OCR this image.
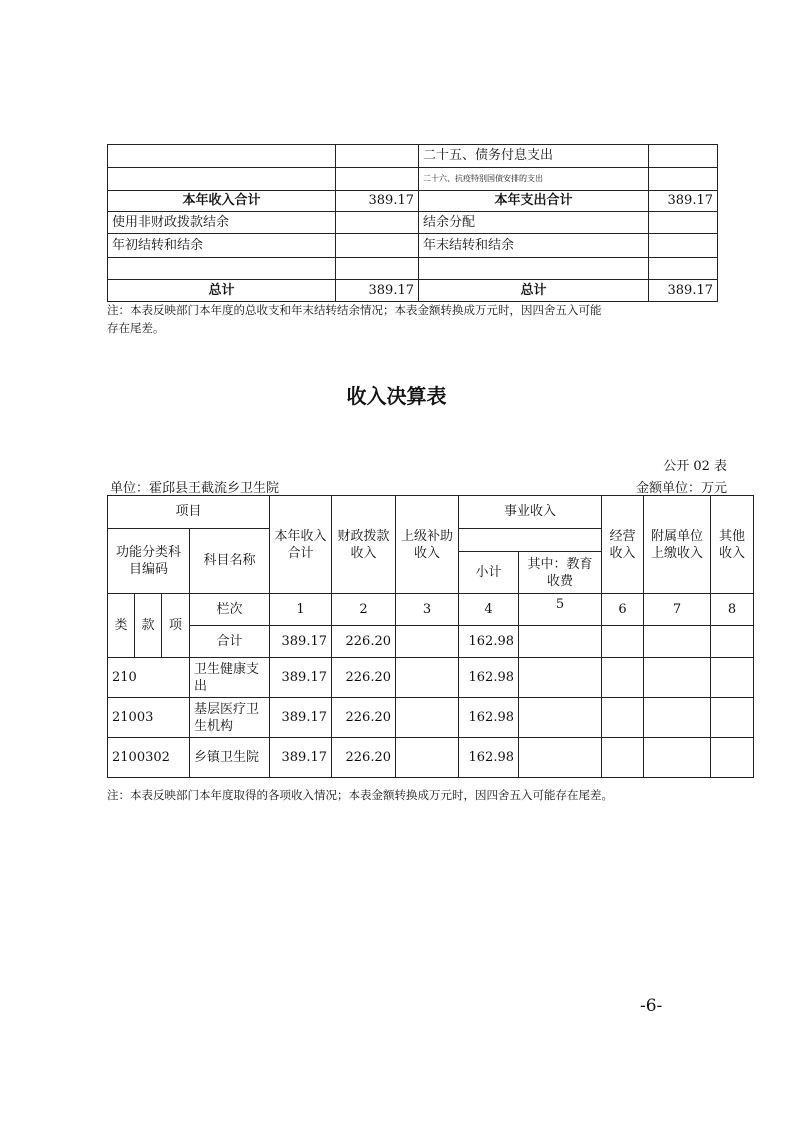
		二十五、债务付息支出	
		二十六、抗疫特别国债安排的支出	
本年收入合计	389.17	本年支出合计	389.17
使用非财政拨款结余		结余分配	
年初结转和结余		年末结转和结余	

总计	389.17	总计	389.17
注：本表反映部门本年度的总收支和年末结转结余情况；本表金额转换成万元时，因四舍五入可能
存在尾差。
收入决算表
公开 02 表
单位：霍邱县王截流乡卫生院	金额单位：万元
项目				本年收入合计	财政拨款收入	上级补助收入	事业收入		经营收入	附属单位上缴收入	其他收入
功能分类科目编码			科目名称								
							小计	其中：教育收费			
类	款	项	栏次	1	2	3	4	5	6	7	8
			合计	389.17	226.20		162.98				
210			卫生健康支出	389.17	226.20		162.98				
21003			基层医疗卫生机构	389.17	226.20		162.98				
2100302			乡镇卫生院	389.17	226.20		162.98				
注：本表反映部门本年度取得的各项收入情况；本表金额转换成万元时，因四舍五入可能存在尾差。
-6-
